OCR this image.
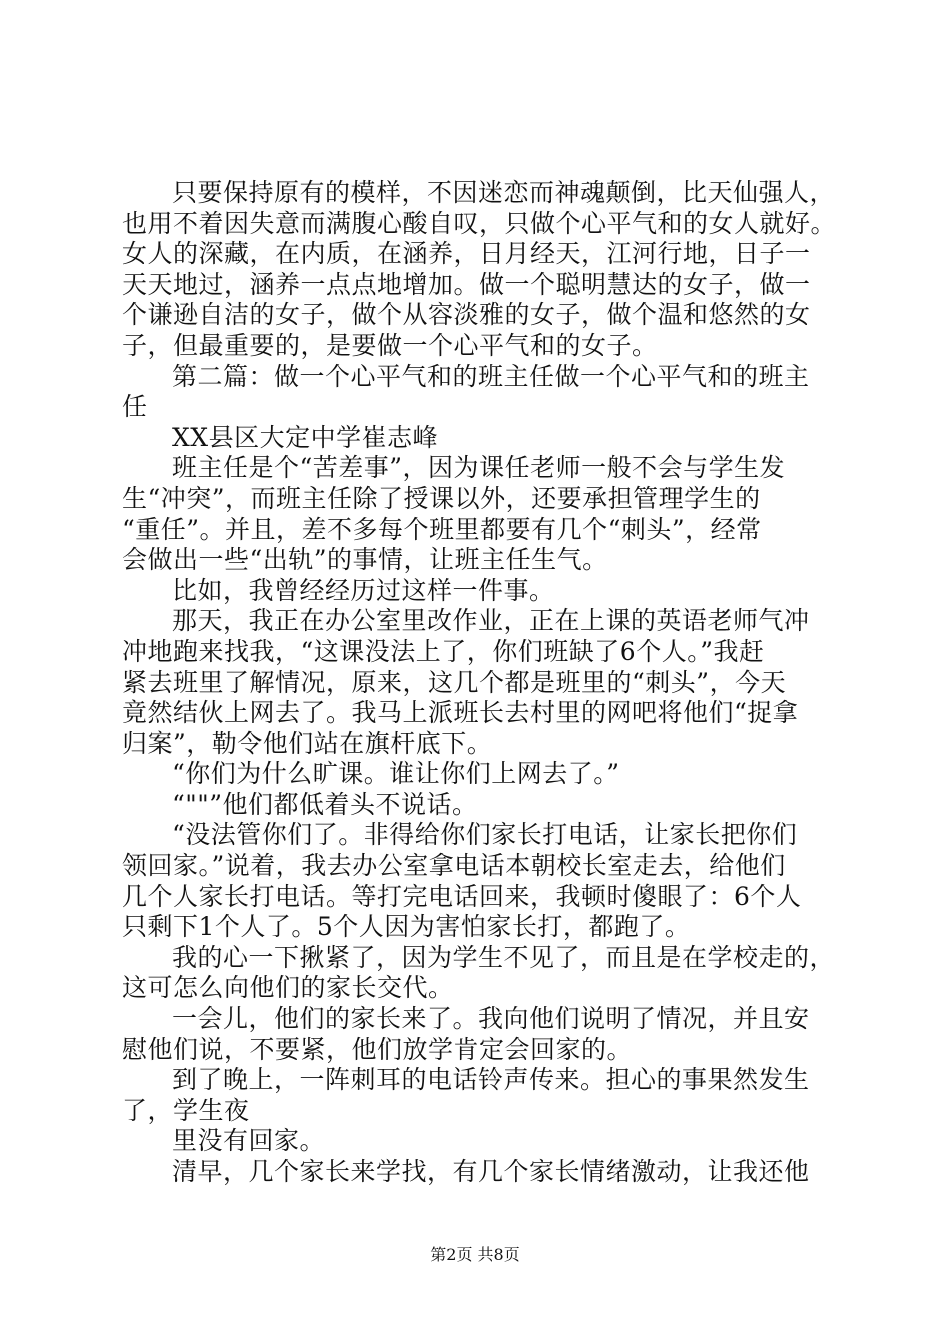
只要保持原有的模样，不因迷恋而神魂颠倒，比天仙强人，
也用不着因失意而满腹心酸自叹，只做个心平气和的女人就好。
女人的深藏，在内质，在涵养，日月经天，江河行地，日子一
天天地过，涵养一点点地增加。做一个聪明慧达的女子，做一
个谦逊自洁的女子，做个从容淡雅的女子，做个温和悠然的女
子，但最重要的，是要做一个心平气和的女子。
第二篇：做一个心平气和的班主任做一个心平气和的班主
任
XX县区大定中学崔志峰
班主任是个“苦差事”，因为课任老师一般不会与学生发
生“冲突”，而班主任除了授课以外，还要承担管理学生的
“重任”。并且，差不多每个班里都要有几个“刺头”，经常
会做出一些“出轨”的事情，让班主任生气。
比如，我曾经经历过这样一件事。
那天，我正在办公室里改作业，正在上课的英语老师气冲
冲地跑来找我，“这课没法上了，你们班缺了6个人。”我赶
紧去班里了解情况，原来，这几个都是班里的“刺头”，今天
竟然结伙上网去了。我马上派班长去村里的网吧将他们“捉拿
归案”，勒令他们站在旗杆底下。
“你们为什么旷课。谁让你们上网去了。”
“""”他们都低着头不说话。
“没法管你们了。非得给你们家长打电话，让家长把你们
领回家。”说着，我去办公室拿电话本朝校长室走去，给他们
几个人家长打电话。等打完电话回来，我顿时傻眼了：6个人
只剩下1个人了。5个人因为害怕家长打，都跑了。
我的心一下揪紧了，因为学生不见了，而且是在学校走的，
这可怎么向他们的家长交代。
一会儿，他们的家长来了。我向他们说明了情况，并且安
慰他们说，不要紧，他们放学肯定会回家的。
到了晚上，一阵刺耳的电话铃声传来。担心的事果然发生
了，学生夜
里没有回家。
清早，几个家长来学找，有几个家长情绪激动，让我还他
第2页 共8页
